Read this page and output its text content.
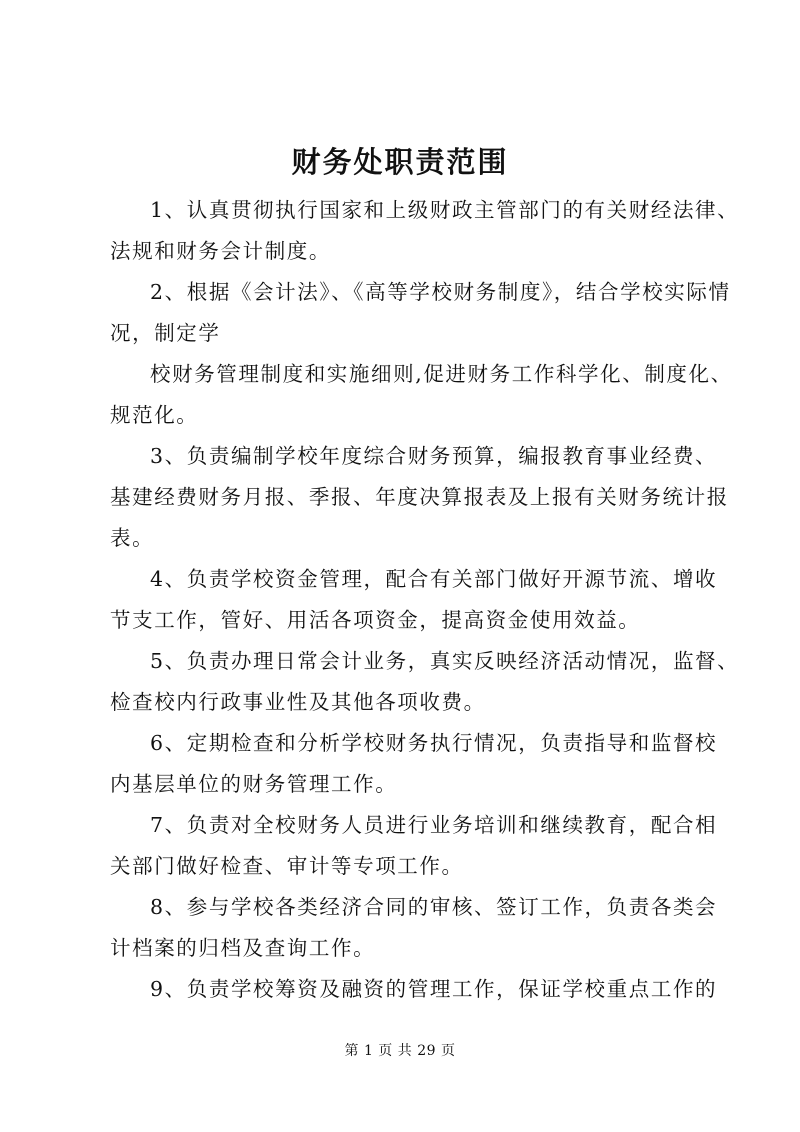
财务处职责范围
1、认真贯彻执行国家和上级财政主管部门的有关财经法律、
法规和财务会计制度。
2、根据《会计法》、《高等学校财务制度》，结合学校实际情
况，制定学
校财务管理制度和实施细则,促进财务工作科学化、制度化、
规范化。
3、负责编制学校年度综合财务预算，编报教育事业经费、
基建经费财务月报、季报、年度决算报表及上报有关财务统计报
表。
4、负责学校资金管理，配合有关部门做好开源节流、增收
节支工作，管好、用活各项资金，提高资金使用效益。
5、负责办理日常会计业务，真实反映经济活动情况，监督、
检查校内行政事业性及其他各项收费。
6、定期检查和分析学校财务执行情况，负责指导和监督校
内基层单位的财务管理工作。
7、负责对全校财务人员进行业务培训和继续教育，配合相
关部门做好检查、审计等专项工作。
8、参与学校各类经济合同的审核、签订工作，负责各类会
计档案的归档及查询工作。
9、负责学校筹资及融资的管理工作，保证学校重点工作的
第 1 页 共 29 页
